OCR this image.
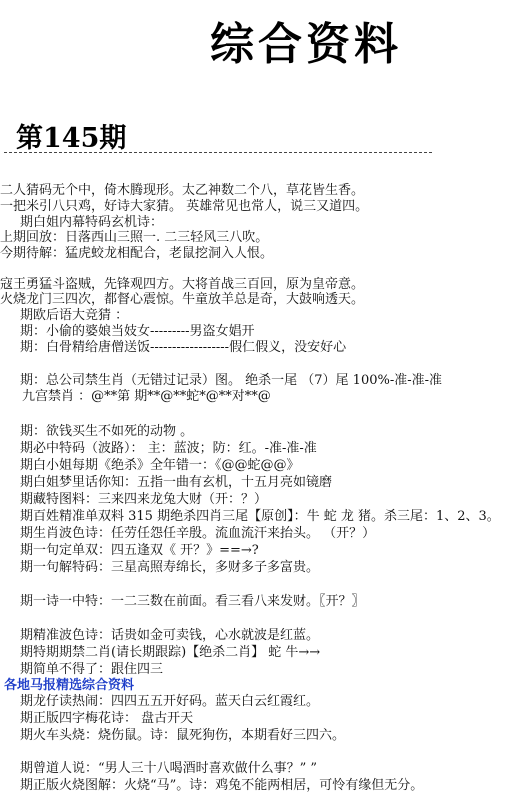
综合资料
第145期
二人猜码无个中，倚木腾现形。太乙神数二个八，草花皆生香。
一把米引八只鸡，好诗大家猜。 英雄常见也常人，说三又道四。
期白姐内幕特码玄机诗：
上期回放：日落西山三照一. 二三轻风三八吹。
今期待解：猛虎蛟龙相配合，老鼠挖洞入人恨。
寇王勇猛斗盗贼，先锋观四方。大将首战三百回，原为皇帝意。
火烧龙门三四次，都督心震惊。牛童放羊总是奇，大鼓响透天。
期欧后语大竞猜 ：
期：小偷的婆娘当妓女---------男盗女娼开
期：白骨精给唐僧送饭------------------假仁假义，没安好心
期：总公司禁生肖（无错过记录）图。 绝杀一尾 （7）尾 100%-准-准-准
九宫禁肖 ：@**第 期**@**蛇*@**对**@
期：欲钱买生不如死的动物 。
期必中特码（波路）： 主：蓝波；防：红。-准-准-准
期白小姐每期《绝杀》全年错一：《@@蛇@@》
期白姐梦里话你知：五指一曲有玄机，十五月亮如镜磨
期藏特图料：三来四来龙兔大财（开：？）
期百姓精准单双料 315 期绝杀四肖三尾【原创】：牛 蛇 龙 猪。杀三尾：1、2、3。
期生肖波色诗：任劳任怨任辛殷。流血流汗来抬头。 （开？）
期一句定单双：四五逢双《 开？》==→?
期一句解特码：三星高照寿绵长，多财多子多富贵。
期一诗一中特：一二三数在前面。看三看八来发财。〖开？〗
期精准波色诗：话贵如金可卖钱，心水就波是红蓝。
期特期期禁二肖(请长期跟踪)【绝杀二肖】 蛇 牛→→
期简单不得了：跟住四三
各地马报精选综合资料
期龙仔读热闹：四四五五开好码。蓝天白云红霞红。
期正版四字梅花诗： 盘古开天
期火车头烧：烧伤鼠。诗：鼠死狗伤，本期看好三四六。
期曾道人说：“男人三十八喝酒时喜欢做什么事？” ”
期正版火烧图解：火烧“马”。诗：鸡兔不能两相居，可怜有缘但无分。
